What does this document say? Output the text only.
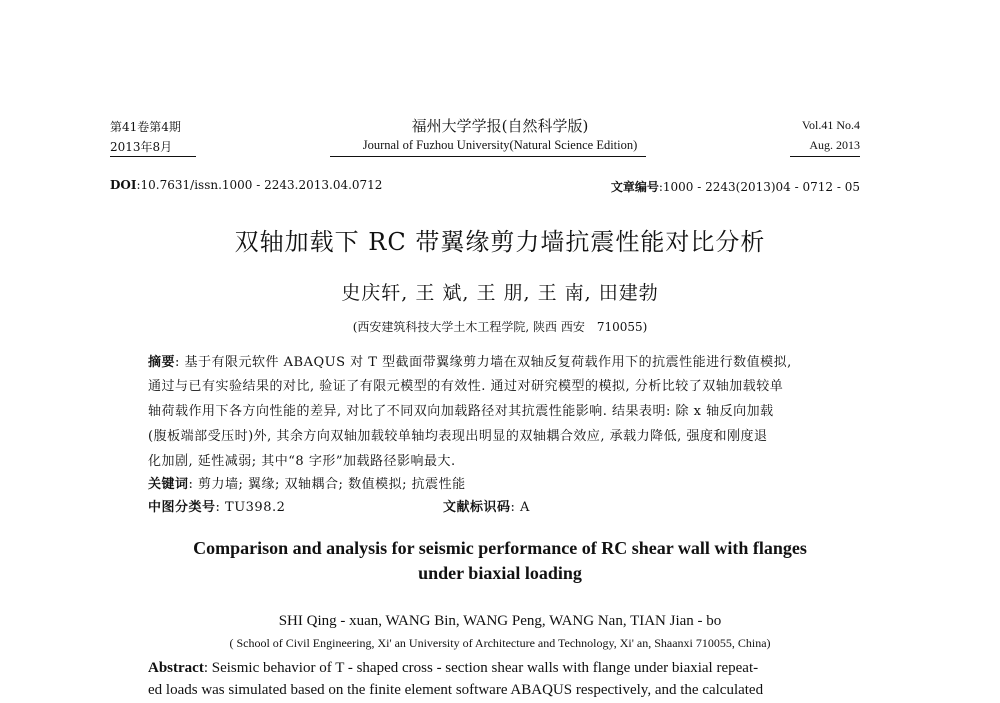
第41卷第4期
2013年8月
福州大学学报(自然科学版)
Journal of Fuzhou University(Natural Science Edition)
Vol.41 No.4
Aug. 2013
DOI:10.7631/issn.1000 - 2243.2013.04.0712	文章编号:1000 - 2243(2013)04 - 0712 - 05
双轴加载下 RC 带翼缘剪力墙抗震性能对比分析
史庆轩, 王 斌, 王 朋, 王 南, 田建勃
(西安建筑科技大学土木工程学院, 陕西 西安　710055)
摘要: 基于有限元软件 ABAQUS 对 T 型截面带翼缘剪力墙在双轴反复荷载作用下的抗震性能进行数值模拟,
通过与已有实验结果的对比, 验证了有限元模型的有效性. 通过对研究模型的模拟, 分析比较了双轴加载较单
轴荷载作用下各方向性能的差异, 对比了不同双向加载路径对其抗震性能影响. 结果表明: 除 x 轴反向加载
(腹板端部受压时)外, 其余方向双轴加载较单轴均表现出明显的双轴耦合效应, 承载力降低, 强度和刚度退
化加剧, 延性减弱; 其中“8 字形”加载路径影响最大.
关键词: 剪力墙; 翼缘; 双轴耦合; 数值模拟; 抗震性能
中图分类号: TU398.2	文献标识码: A
Comparison and analysis for seismic performance of RC shear wall with flanges
under biaxial loading
SHI Qing - xuan, WANG Bin, WANG Peng, WANG Nan, TIAN Jian - bo
( School of Civil Engineering, Xi' an University of Architecture and Technology, Xi' an, Shaanxi 710055, China)
Abstract: Seismic behavior of T - shaped cross - section shear walls with flange under biaxial repeat-
ed loads was simulated based on the finite element software ABAQUS respectively, and the calculated
